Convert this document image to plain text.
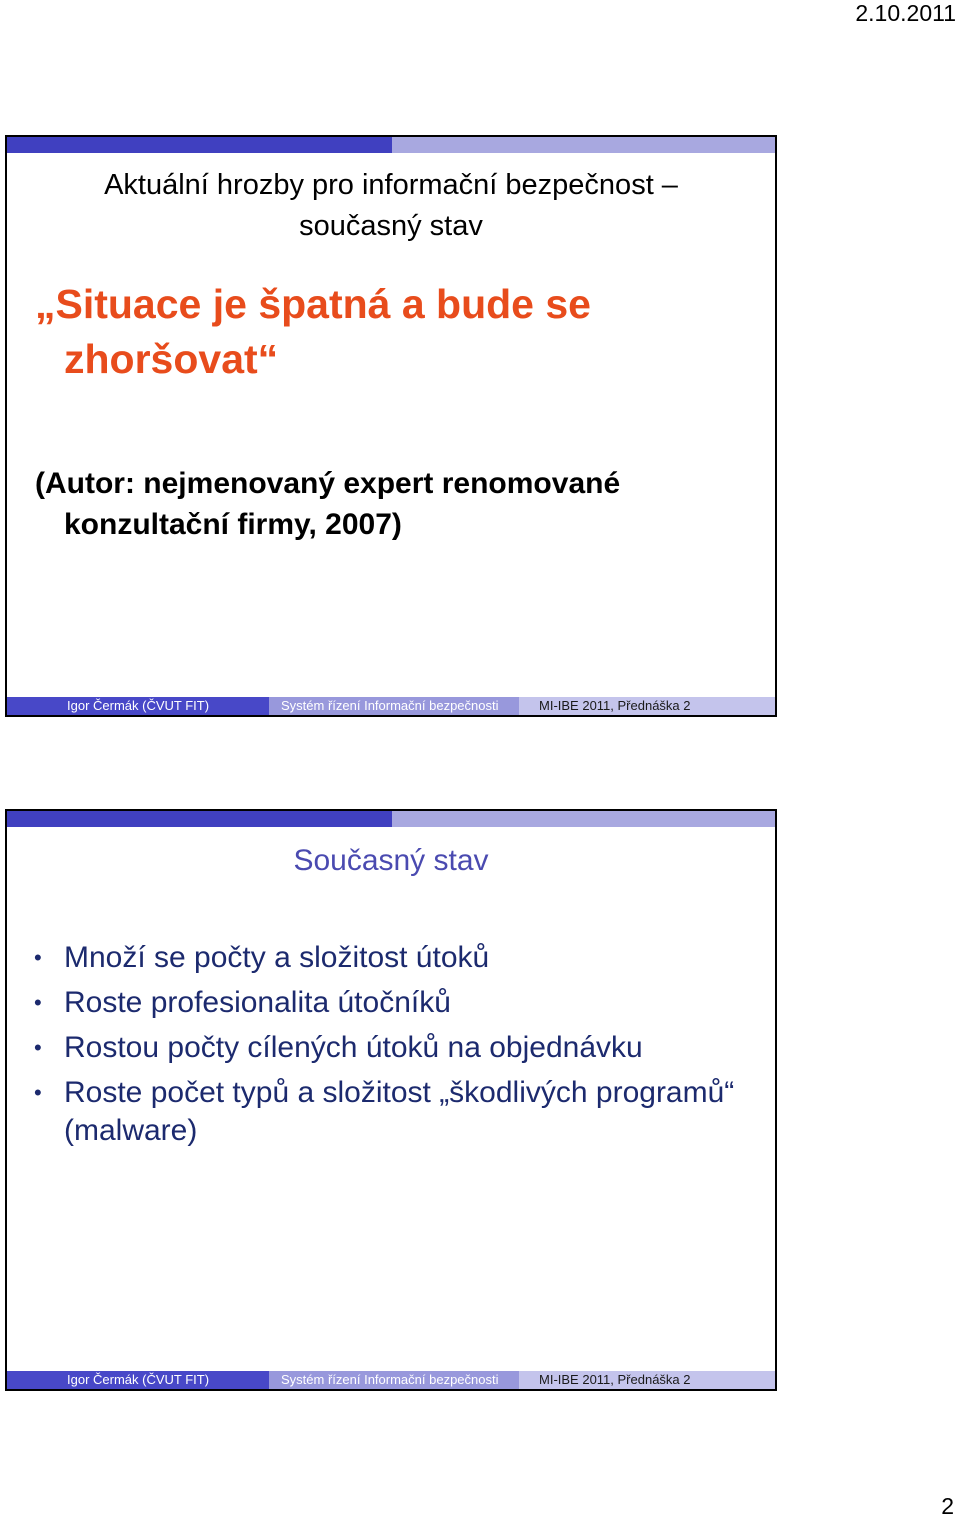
2.10.2011
Aktuální hrozby pro informační bezpečnost –
současný stav
„Situace je špatná a bude se zhoršovat“
(Autor: nejmenovaný expert renomované konzultační firmy, 2007)
Igor Čermák (ČVUT FIT)	Systém řízení Informační bezpečnosti	MI-IBE 2011, Přednáška 2
Současný stav
• Množí se počty a složitost útoků
• Roste profesionalita útočníků
• Rostou počty cílených útoků na objednávku
• Roste počet typů a složitost „škodlivých programů“ (malware)
Igor Čermák (ČVUT FIT)	Systém řízení Informační bezpečnosti	MI-IBE 2011, Přednáška 2
2
